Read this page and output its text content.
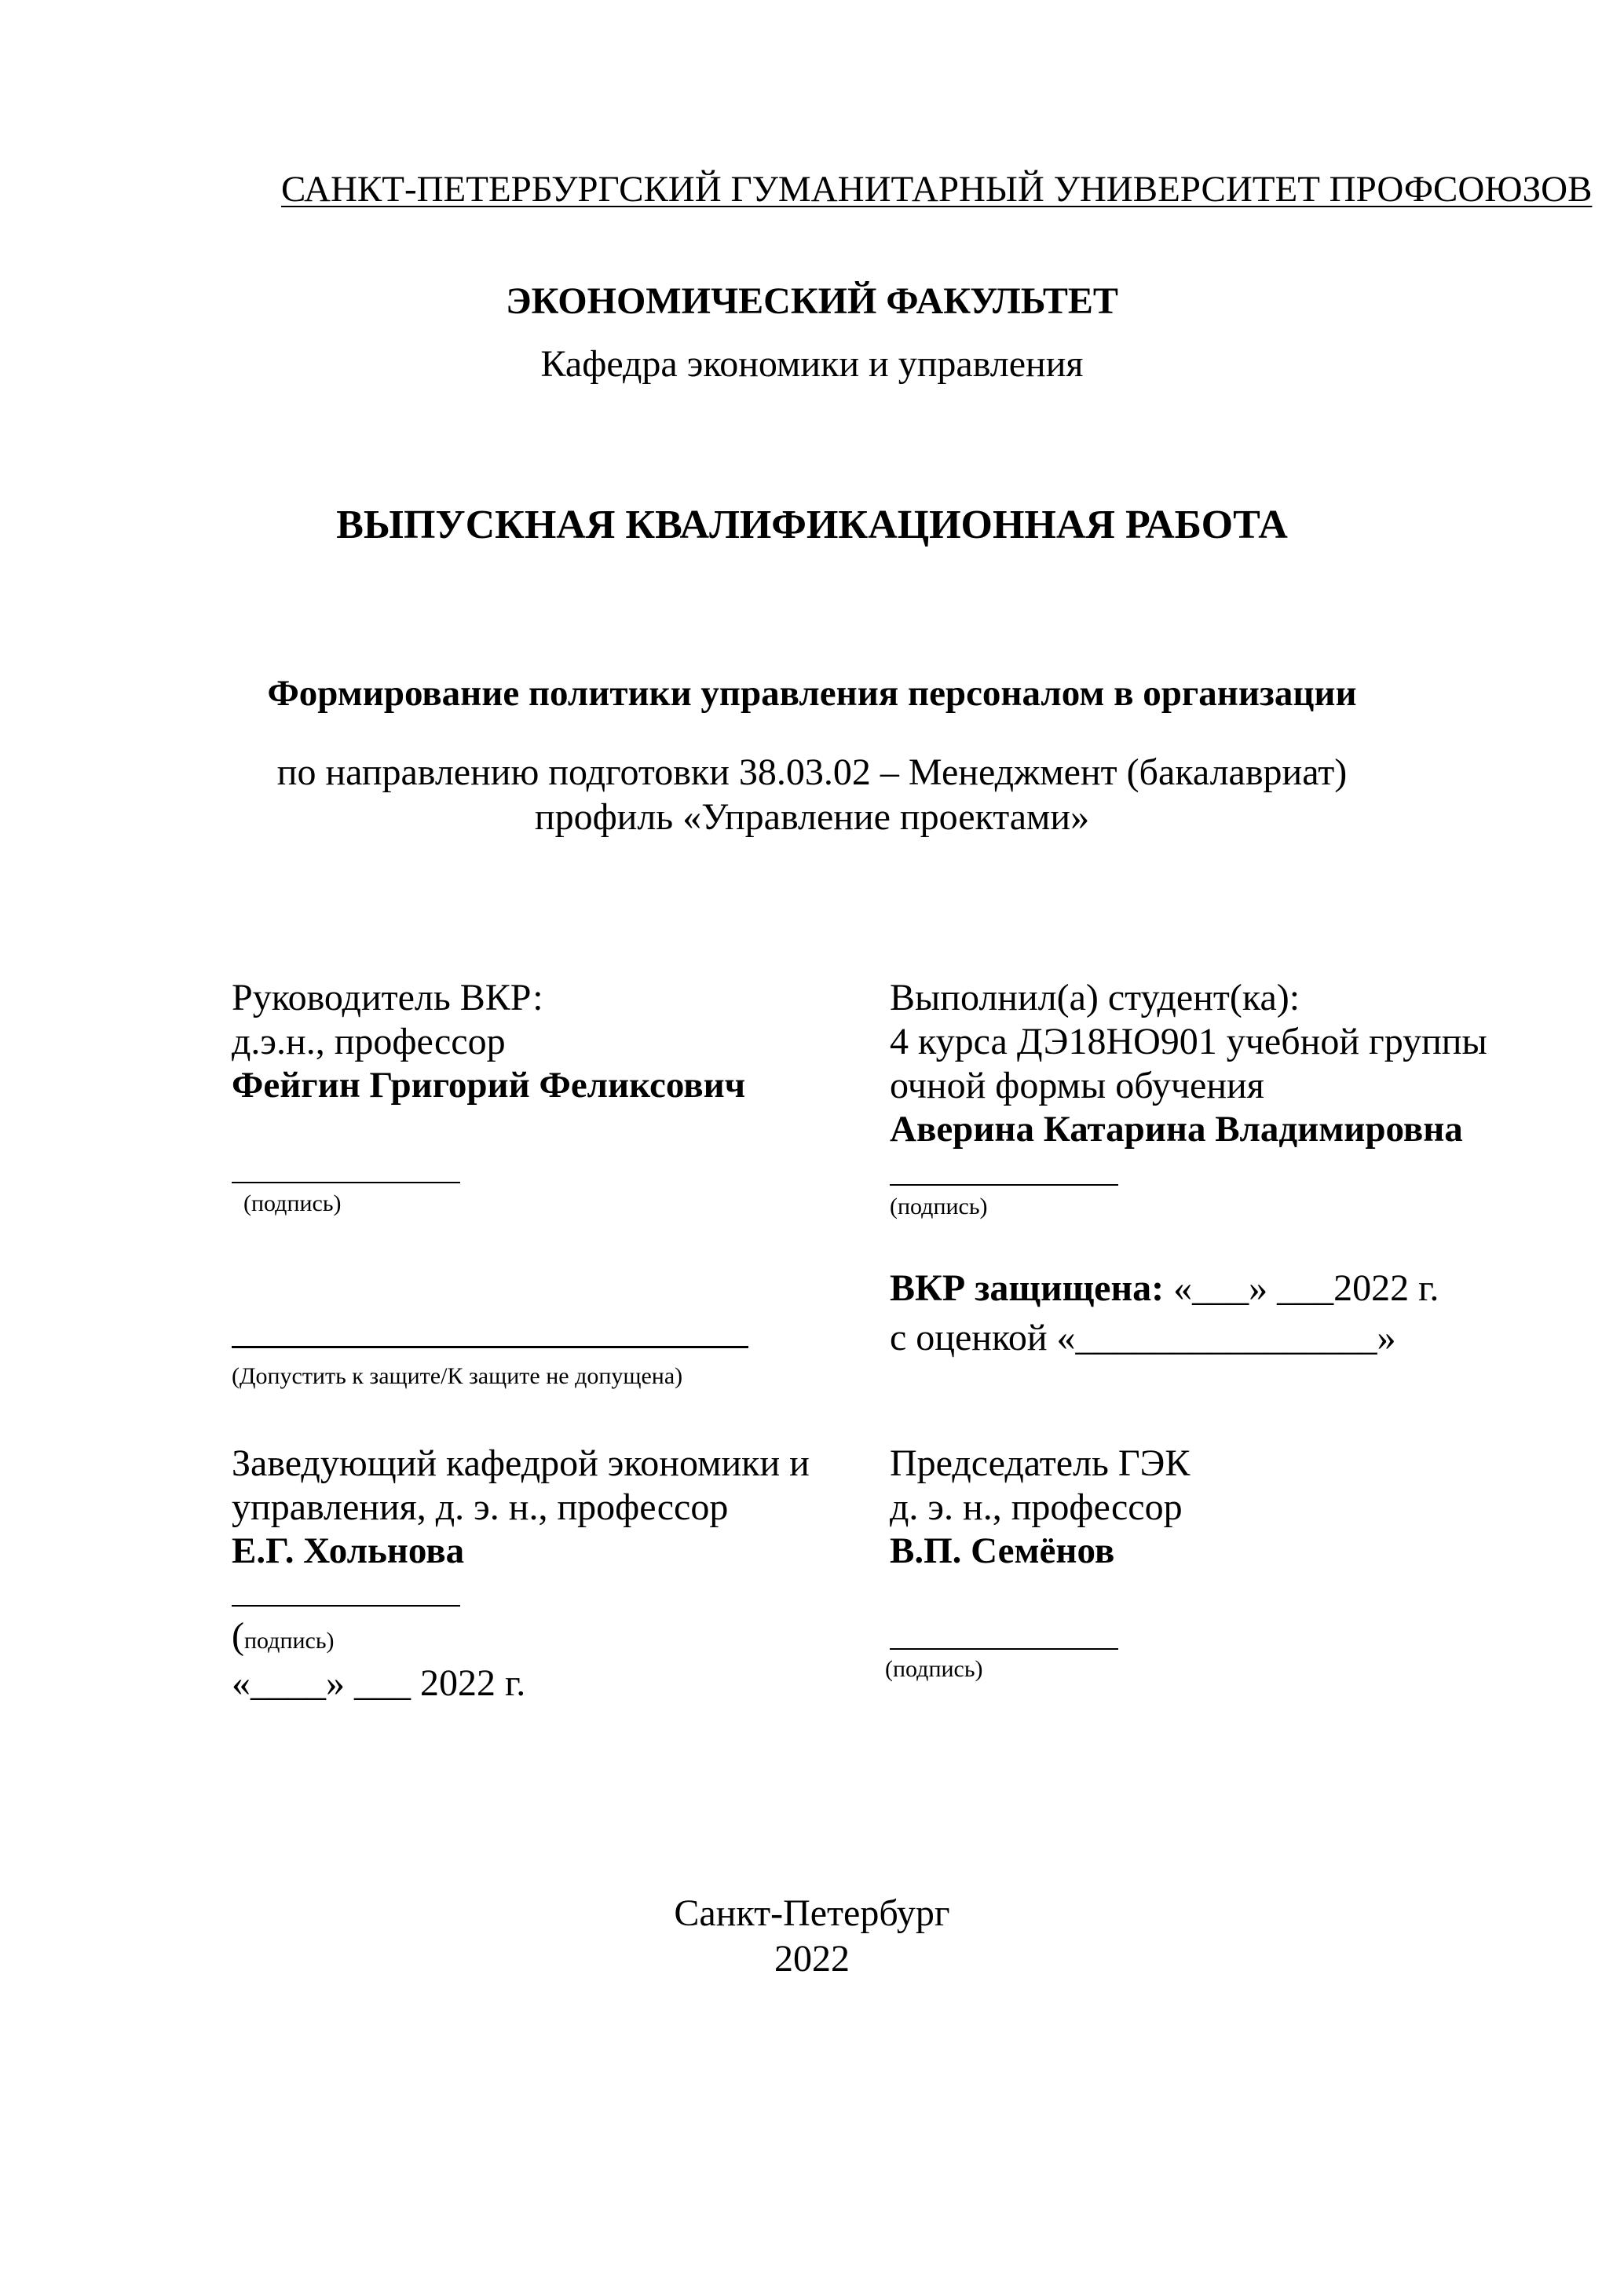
САНКТ-ПЕТЕРБУРГСКИЙ ГУМАНИТАРНЫЙ УНИВЕРСИТЕТ ПРОФСОЮЗОВ
ЭКОНОМИЧЕСКИЙ ФАКУЛЬТЕТ
Кафедра экономики и управления
ВЫПУСКНАЯ КВАЛИФИКАЦИОННАЯ РАБОТА
Формирование политики управления персоналом в организации
по направлению подготовки 38.03.02 – Менеджмент (бакалавриат)
профиль «Управление проектами»
Руководитель ВКР:
д.э.н., профессор
Фейгин Григорий Феликсович
(подпись)
Выполнил(а) студент(ка):
4 курса ДЭ18НО901 учебной группы
очной формы обучения
Аверина Катарина Владимировна
(подпись)
(Допустить к защите/К защите не допущена)
ВКР защищена: «___» ___2022 г.
с оценкой «________________»
Заведующий кафедрой экономики и
управления, д. э. н., профессор
Е.Г. Хольнова
(подпись)
«____» ___ 2022 г.
Председатель ГЭК
д. э. н., профессор
В.П. Семёнов
(подпись)
Санкт-Петербург
2022
